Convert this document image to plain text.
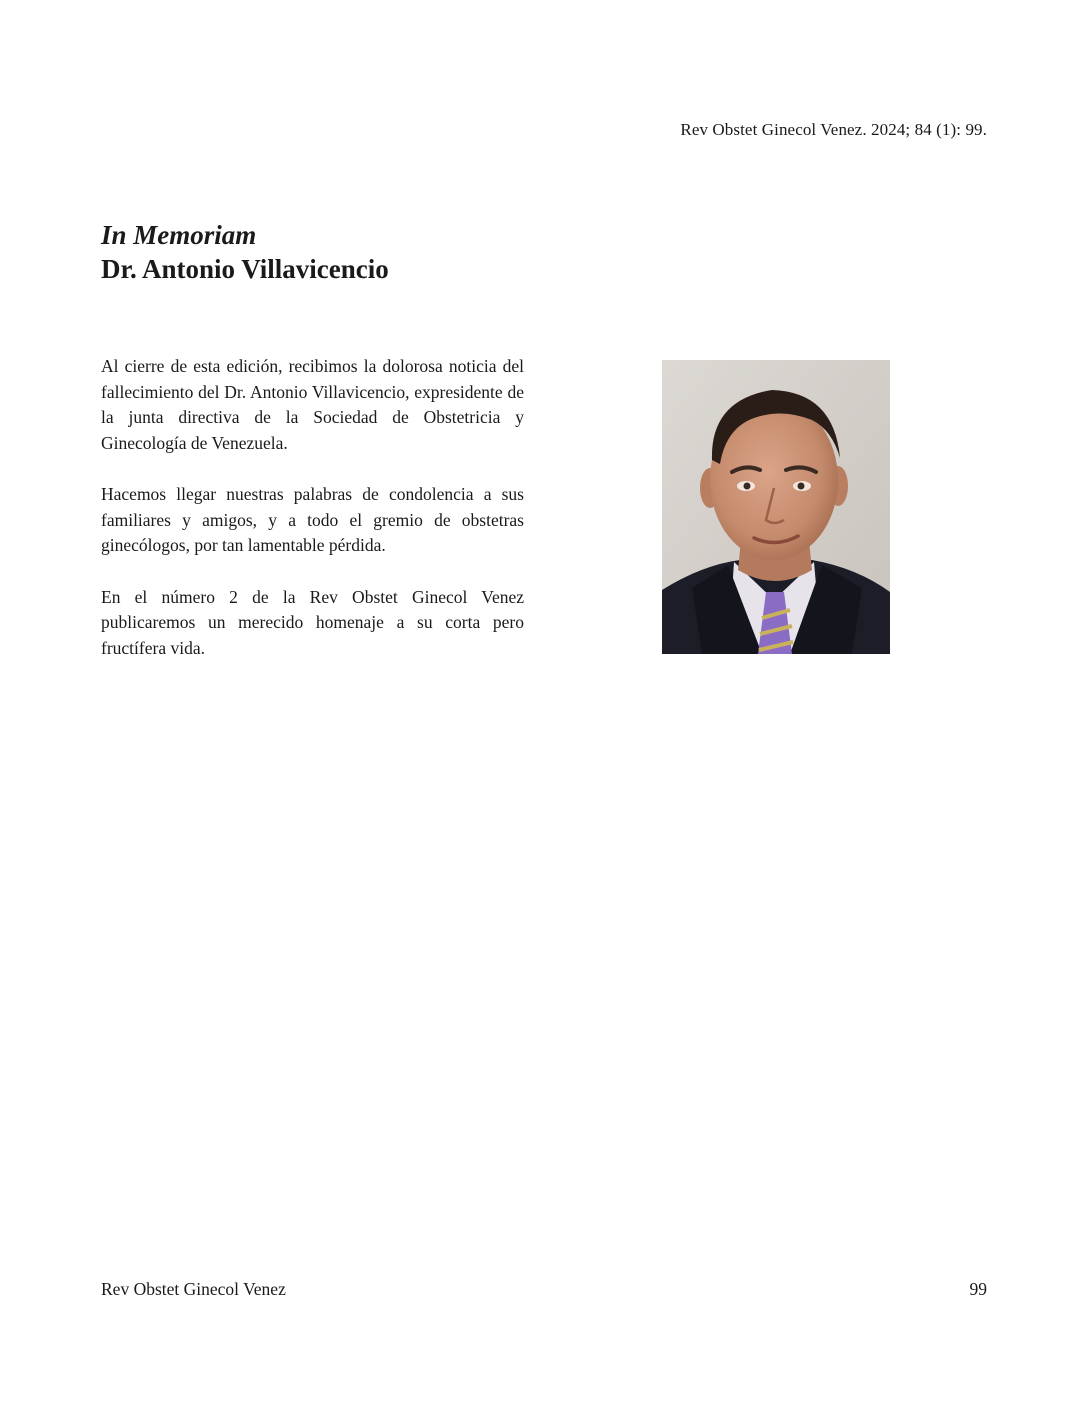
Rev Obstet Ginecol Venez. 2024; 84 (1): 99.
In Memoriam
Dr. Antonio Villavicencio

Al cierre de esta edición, recibimos la dolorosa noticia del fallecimiento del Dr. Antonio Villavicencio, expresidente de la junta directiva de la Sociedad de Obstetricia y Ginecología de Venezuela.

Hacemos llegar nuestras palabras de condolencia a sus familiares y amigos, y a todo el gremio de obstetras ginecólogos, por tan lamentable pérdida.

En el número 2 de la Rev Obstet Ginecol Venez publicaremos un merecido homenaje a su corta pero fructífera vida.

Rev Obstet Ginecol Venez	99
